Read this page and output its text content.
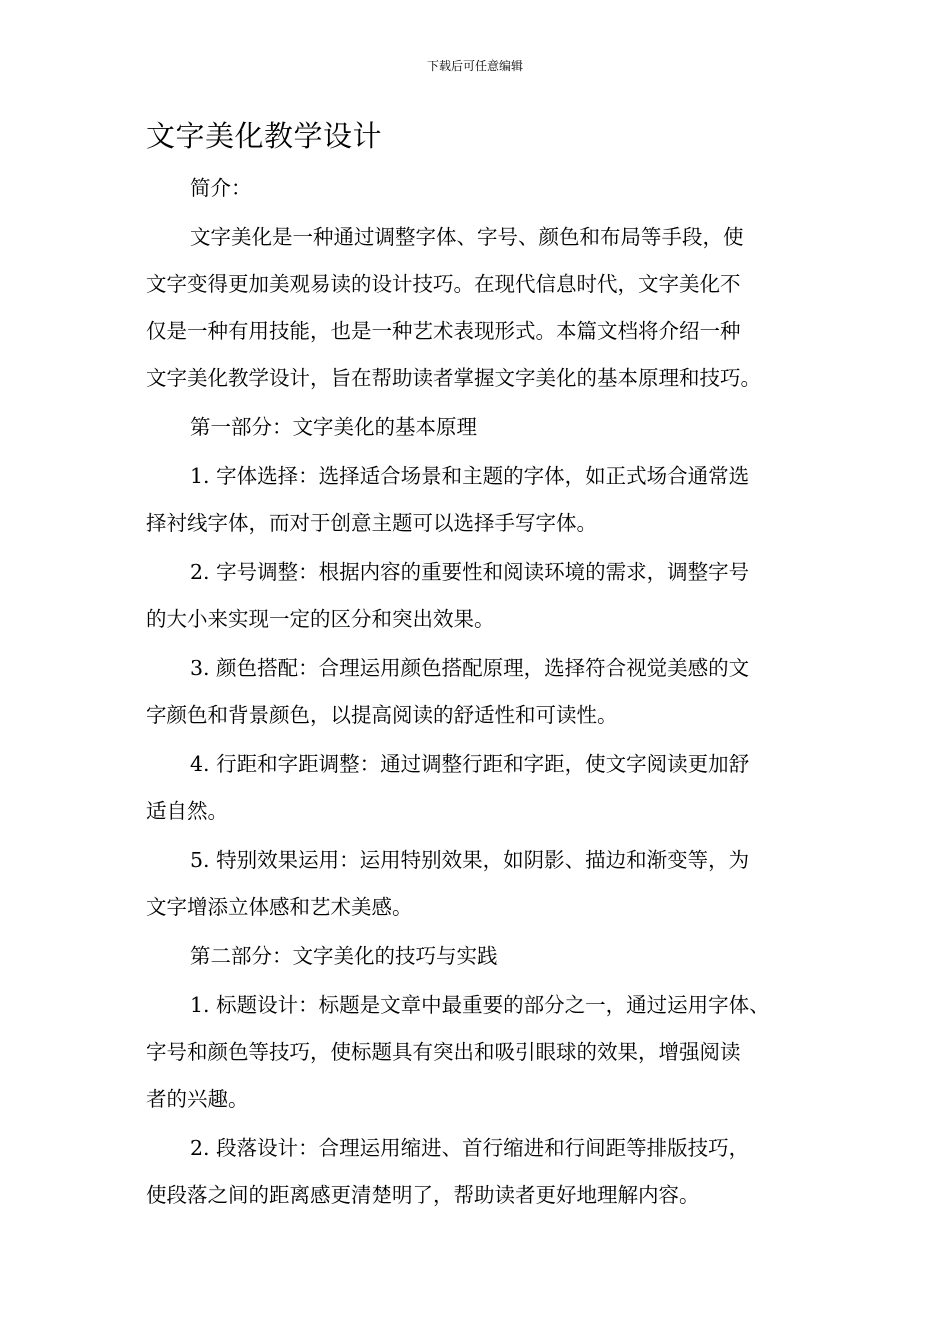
下载后可任意编辑
文字美化教学设计

简介：

文字美化是一种通过调整字体、字号、颜色和布局等手段，使
文字变得更加美观易读的设计技巧。在现代信息时代，文字美化不
仅是一种有用技能，也是一种艺术表现形式。本篇文档将介绍一种
文字美化教学设计，旨在帮助读者掌握文字美化的基本原理和技巧。

第一部分：文字美化的基本原理

1. 字体选择：选择适合场景和主题的字体，如正式场合通常选
择衬线字体，而对于创意主题可以选择手写字体。

2. 字号调整：根据内容的重要性和阅读环境的需求，调整字号
的大小来实现一定的区分和突出效果。

3. 颜色搭配：合理运用颜色搭配原理，选择符合视觉美感的文
字颜色和背景颜色，以提高阅读的舒适性和可读性。

4. 行距和字距调整：通过调整行距和字距，使文字阅读更加舒
适自然。

5. 特别效果运用：运用特别效果，如阴影、描边和渐变等，为
文字增添立体感和艺术美感。

第二部分：文字美化的技巧与实践

1. 标题设计：标题是文章中最重要的部分之一，通过运用字体、
字号和颜色等技巧，使标题具有突出和吸引眼球的效果，增强阅读
者的兴趣。

2. 段落设计：合理运用缩进、首行缩进和行间距等排版技巧，
使段落之间的距离感更清楚明了，帮助读者更好地理解内容。
